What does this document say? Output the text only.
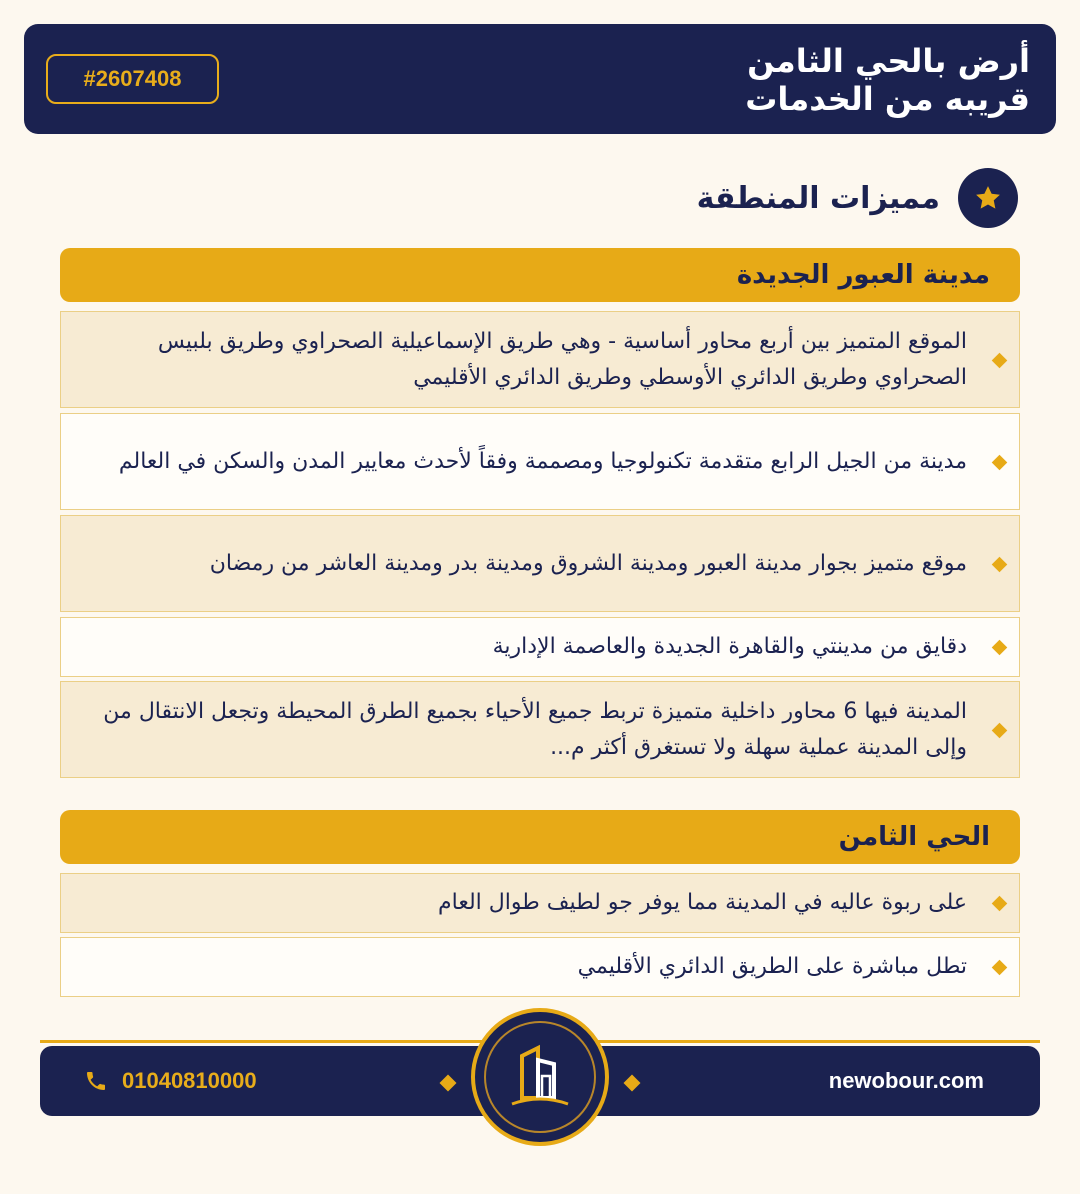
أرض بالحي الثامن
قريبه من الخدمات
#2607408
مميزات المنطقة
مدينة العبور الجديدة
الموقع المتميز بين أربع محاور أساسية - وهي طريق الإسماعيلية الصحراوي وطريق بلبيس الصحراوي وطريق الدائري الأوسطي وطريق الدائري الأقليمي
مدينة من الجيل الرابع متقدمة تكنولوجيا ومصممة وفقاً لأحدث معايير المدن والسكن في العالم
موقع متميز بجوار مدينة العبور ومدينة الشروق ومدينة بدر ومدينة العاشر من رمضان
دقايق من مدينتي والقاهرة الجديدة والعاصمة الإدارية
المدينة فيها 6 محاور داخلية متميزة تربط جميع الأحياء بجميع الطرق المحيطة وتجعل الانتقال من وإلى المدينة عملية سهلة ولا تستغرق أكثر م...
الحي الثامن
على ربوة عاليه في المدينة مما يوفر جو لطيف طوال العام
تطل مباشرة على الطريق الدائري الأقليمي
01040810000	newobour.com
